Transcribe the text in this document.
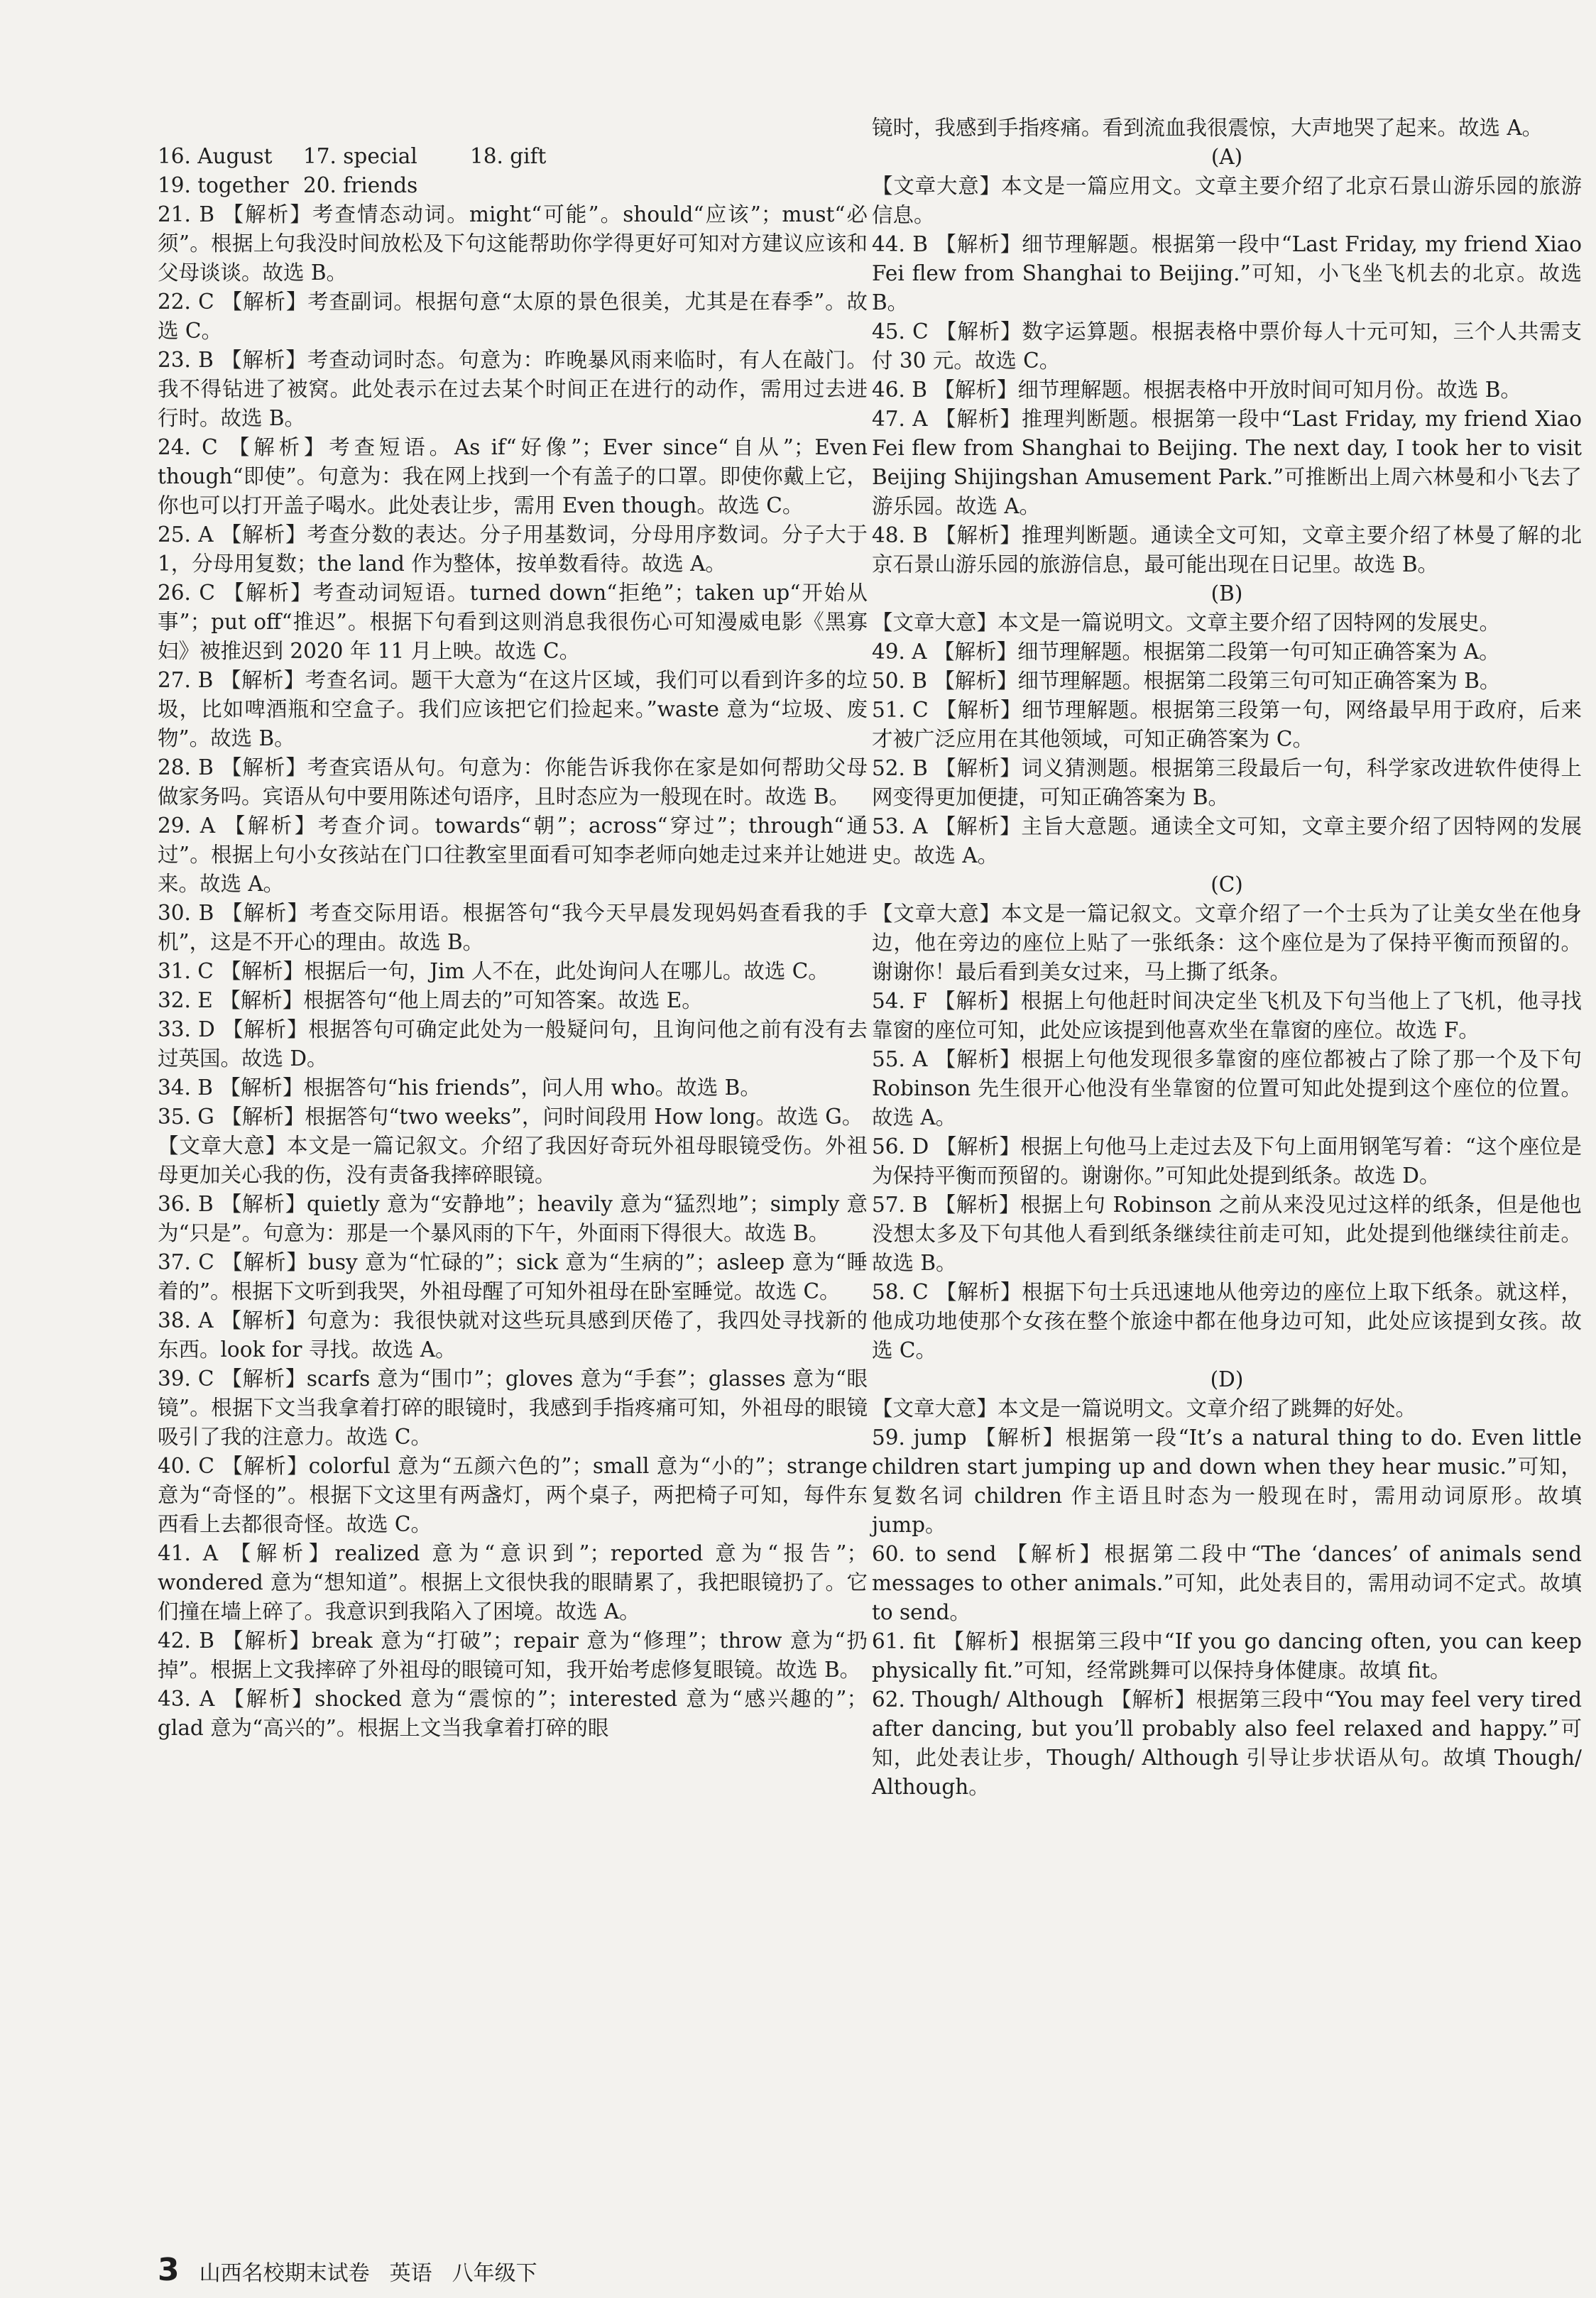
16. August	17. special	18. gift
19. together 20. friends

21. B 【解析】考查情态动词。might“可能”。should“应该”；must“必须”。根据上句我没时间放松及下句这能帮助你学得更好可知对方建议应该和父母谈谈。故选 B。

22. C 【解析】考查副词。根据句意“太原的景色很美，尤其是在春季”。故选 C。

23. B 【解析】考查动词时态。句意为：昨晚暴风雨来临时，有人在敲门。我不得钻进了被窝。此处表示在过去某个时间正在进行的动作，需用过去进行时。故选 B。

24. C 【解析】考查短语。As if“好像”；Ever since“自从”；Even though“即使”。句意为：我在网上找到一个有盖子的口罩。即使你戴上它，你也可以打开盖子喝水。此处表让步，需用 Even though。故选 C。

25. A 【解析】考查分数的表达。分子用基数词，分母用序数词。分子大于 1，分母用复数；the land 作为整体，按单数看待。故选 A。

26. C 【解析】考查动词短语。turned down“拒绝”；taken up“开始从事”；put off“推迟”。根据下句看到这则消息我很伤心可知漫威电影《黑寡妇》被推迟到 2020 年 11 月上映。故选 C。

27. B 【解析】考查名词。题干大意为“在这片区域，我们可以看到许多的垃圾，比如啤酒瓶和空盒子。我们应该把它们捡起来。”waste 意为“垃圾、废物”。故选 B。

28. B 【解析】考查宾语从句。句意为：你能告诉我你在家是如何帮助父母做家务吗。宾语从句中要用陈述句语序，且时态应为一般现在时。故选 B。

29. A 【解析】考查介词。towards“朝”；across“穿过”；through“通过”。根据上句小女孩站在门口往教室里面看可知李老师向她走过来并让她进来。故选 A。

30. B 【解析】考查交际用语。根据答句“我今天早晨发现妈妈查看我的手机”，这是不开心的理由。故选 B。

31. C 【解析】根据后一句，Jim 人不在，此处询问人在哪儿。故选 C。

32. E 【解析】根据答句“他上周去的”可知答案。故选 E。

33. D 【解析】根据答句可确定此处为一般疑问句，且询问他之前有没有去过英国。故选 D。

34. B 【解析】根据答句“his friends”，问人用 who。故选 B。

35. G 【解析】根据答句“two weeks”，问时间段用 How long。故选 G。

【文章大意】本文是一篇记叙文。介绍了我因好奇玩外祖母眼镜受伤。外祖母更加关心我的伤，没有责备我摔碎眼镜。

36. B 【解析】quietly 意为“安静地”；heavily 意为“猛烈地”；simply 意为“只是”。句意为：那是一个暴风雨的下午，外面雨下得很大。故选 B。

37. C 【解析】busy 意为“忙碌的”；sick 意为“生病的”；asleep 意为“睡着的”。根据下文听到我哭，外祖母醒了可知外祖母在卧室睡觉。故选 C。

38. A 【解析】句意为：我很快就对这些玩具感到厌倦了，我四处寻找新的东西。look for 寻找。故选 A。

39. C 【解析】scarfs 意为“围巾”；gloves 意为“手套”；glasses 意为“眼镜”。根据下文当我拿着打碎的眼镜时，我感到手指疼痛可知，外祖母的眼镜吸引了我的注意力。故选 C。

40. C 【解析】colorful 意为“五颜六色的”；small 意为“小的”；strange 意为“奇怪的”。根据下文这里有两盏灯，两个桌子，两把椅子可知，每件东西看上去都很奇怪。故选 C。

41. A 【解析】realized 意为“意识到”；reported 意为“报告”；wondered 意为“想知道”。根据上文很快我的眼睛累了，我把眼镜扔了。它们撞在墙上碎了。我意识到我陷入了困境。故选 A。

42. B 【解析】break 意为“打破”；repair 意为“修理”；throw 意为“扔掉”。根据上文我摔碎了外祖母的眼镜可知，我开始考虑修复眼镜。故选 B。

43. A 【解析】shocked 意为“震惊的”；interested 意为“感兴趣的”；glad 意为“高兴的”。根据上文当我拿着打碎的眼

镜时，我感到手指疼痛。看到流血我很震惊，大声地哭了起来。故选 A。

(A)

【文章大意】本文是一篇应用文。文章主要介绍了北京石景山游乐园的旅游信息。

44. B 【解析】细节理解题。根据第一段中“Last Friday, my friend Xiao Fei flew from Shanghai to Beijing.”可知，小飞坐飞机去的北京。故选 B。

45. C 【解析】数字运算题。根据表格中票价每人十元可知，三个人共需支付 30 元。故选 C。

46. B 【解析】细节理解题。根据表格中开放时间可知月份。故选 B。

47. A 【解析】推理判断题。根据第一段中“Last Friday, my friend Xiao Fei flew from Shanghai to Beijing. The next day, I took her to visit Beijing Shijingshan Amusement Park.”可推断出上周六林曼和小飞去了游乐园。故选 A。

48. B 【解析】推理判断题。通读全文可知，文章主要介绍了林曼了解的北京石景山游乐园的旅游信息，最可能出现在日记里。故选 B。

(B)

【文章大意】本文是一篇说明文。文章主要介绍了因特网的发展史。

49. A 【解析】细节理解题。根据第二段第一句可知正确答案为 A。

50. B 【解析】细节理解题。根据第二段第三句可知正确答案为 B。

51. C 【解析】细节理解题。根据第三段第一句，网络最早用于政府，后来才被广泛应用在其他领域，可知正确答案为 C。

52. B 【解析】词义猜测题。根据第三段最后一句，科学家改进软件使得上网变得更加便捷，可知正确答案为 B。

53. A 【解析】主旨大意题。通读全文可知，文章主要介绍了因特网的发展史。故选 A。

(C)

【文章大意】本文是一篇记叙文。文章介绍了一个士兵为了让美女坐在他身边，他在旁边的座位上贴了一张纸条：这个座位是为了保持平衡而预留的。谢谢你！最后看到美女过来，马上撕了纸条。

54. F 【解析】根据上句他赶时间决定坐飞机及下句当他上了飞机，他寻找靠窗的座位可知，此处应该提到他喜欢坐在靠窗的座位。故选 F。

55. A 【解析】根据上句他发现很多靠窗的座位都被占了除了那一个及下句 Robinson 先生很开心他没有坐靠窗的位置可知此处提到这个座位的位置。故选 A。

56. D 【解析】根据上句他马上走过去及下句上面用钢笔写着：“这个座位是为保持平衡而预留的。谢谢你。”可知此处提到纸条。故选 D。

57. B 【解析】根据上句 Robinson 之前从来没见过这样的纸条，但是他也没想太多及下句其他人看到纸条继续往前走可知，此处提到他继续往前走。故选 B。

58. C 【解析】根据下句士兵迅速地从他旁边的座位上取下纸条。就这样，他成功地使那个女孩在整个旅途中都在他身边可知，此处应该提到女孩。故选 C。

(D)

【文章大意】本文是一篇说明文。文章介绍了跳舞的好处。

59. jump 【解析】根据第一段“It’s a natural thing to do. Even little children start jumping up and down when they hear music.”可知，复数名词 children 作主语且时态为一般现在时，需用动词原形。故填 jump。

60. to send 【解析】根据第二段中“The ‘dances’ of animals send messages to other animals.”可知，此处表目的，需用动词不定式。故填 to send。

61. fit 【解析】根据第三段中“If you go dancing often, you can keep physically fit.”可知，经常跳舞可以保持身体健康。故填 fit。

62. Though/ Although 【解析】根据第三段中“You may feel very tired after dancing, but you’ll probably also feel relaxed and happy.”可知，此处表让步，Though/ Although 引导让步状语从句。故填 Though/ Although。

3 山西名校期末试卷 英语 八年级下
